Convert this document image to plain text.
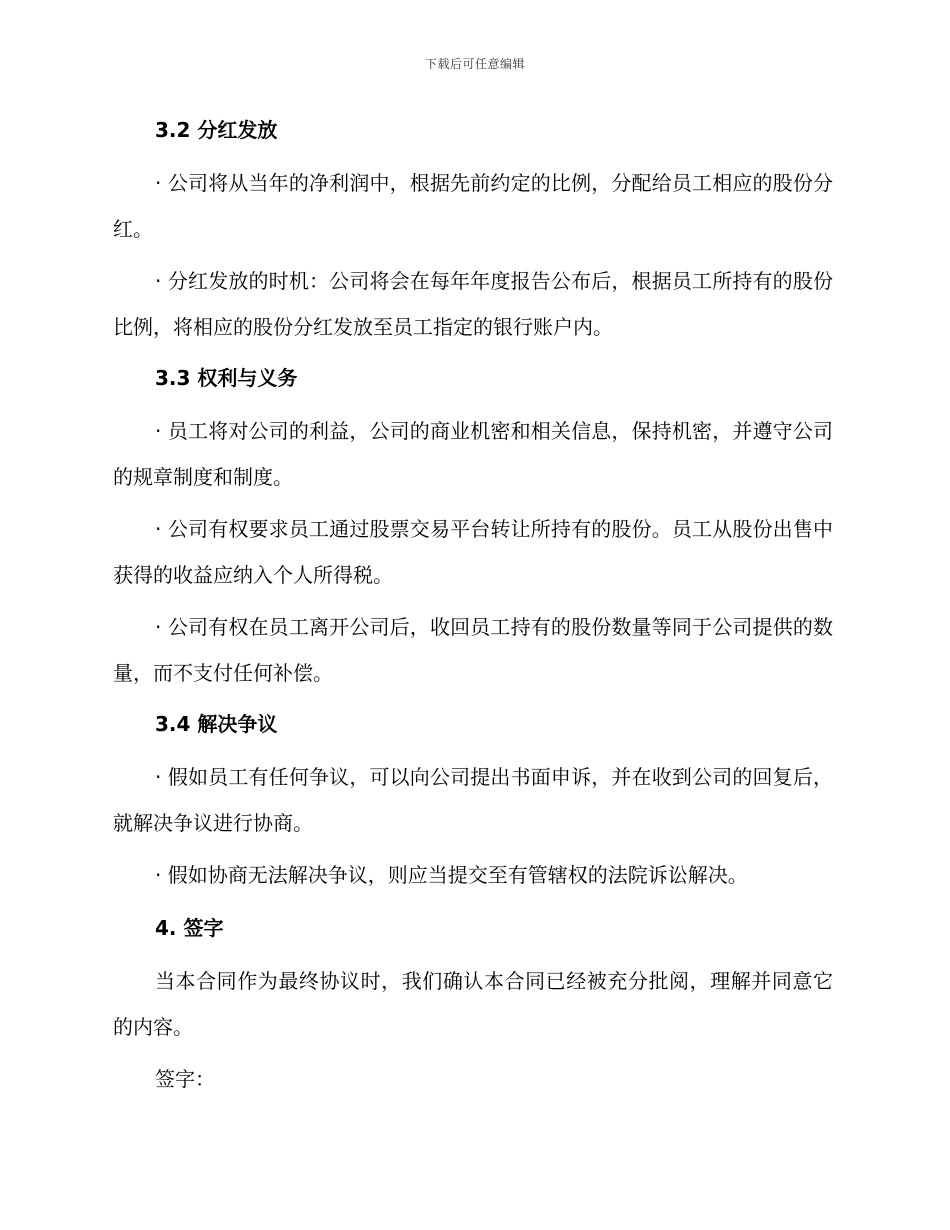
下载后可任意编辑
3.2 分红发放

· 公司将从当年的净利润中，根据先前约定的比例，分配给员工相应的股份分红。

· 分红发放的时机：公司将会在每年年度报告公布后，根据员工所持有的股份比例，将相应的股份分红发放至员工指定的银行账户内。

3.3 权利与义务

· 员工将对公司的利益，公司的商业机密和相关信息，保持机密，并遵守公司的规章制度和制度。

· 公司有权要求员工通过股票交易平台转让所持有的股份。员工从股份出售中获得的收益应纳入个人所得税。

· 公司有权在员工离开公司后，收回员工持有的股份数量等同于公司提供的数量，而不支付任何补偿。

3.4 解决争议

· 假如员工有任何争议，可以向公司提出书面申诉，并在收到公司的回复后，就解决争议进行协商。

· 假如协商无法解决争议，则应当提交至有管辖权的法院诉讼解决。

4. 签字

当本合同作为最终协议时，我们确认本合同已经被充分批阅，理解并同意它的内容。

签字：
